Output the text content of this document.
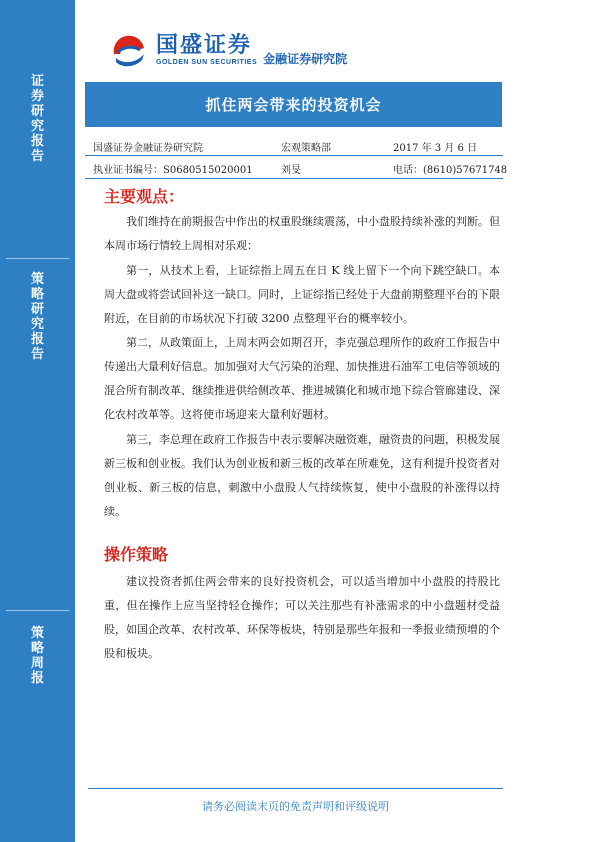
证
券
研
究
报
告
策
略
研
究
报
告
策
略
周
报
国盛证券
GOLDEN SUN SECURITIES 金融证券研究院
抓住两会带来的投资机会
国盛证券金融证券研究院	宏观策略部	2017 年 3 月 6 日
执业证书编号：S0680515020001	刘旻	电话：(8610)57671748
主要观点：
我们维持在前期报告中作出的权重股继续震荡，中小盘股持续补涨的判断。但本周市场行情较上周相对乐观：
第一，从技术上看，上证综指上周五在日 K 线上留下一个向下跳空缺口。本周大盘或将尝试回补这一缺口。同时，上证综指已经处于大盘前期整理平台的下限附近，在目前的市场状况下打破 3200 点整理平台的概率较小。
第二，从政策面上，上周末两会如期召开，李克强总理所作的政府工作报告中传递出大量利好信息。加加强对大气污染的治理、加快推进石油军工电信等领域的混合所有制改革、继续推进供给侧改革、推进城镇化和城市地下综合管廊建设、深化农村改革等。这将使市场迎来大量利好题材。
第三，李总理在政府工作报告中表示要解决融资难，融资贵的问题，积极发展新三板和创业板。我们认为创业板和新三板的改革在所难免，这有利提升投资者对创业板、新三板的信息，刺激中小盘股人气持续恢复，使中小盘股的补涨得以持续。
操作策略
建议投资者抓住两会带来的良好投资机会，可以适当增加中小盘股的持股比重，但在操作上应当坚持轻仓操作；可以关注那些有补涨需求的中小盘题材受益股，如国企改革、农村改革、环保等板块，特别是那些年报和一季报业绩预增的个股和板块。
请务必阅读末页的免责声明和评级说明
